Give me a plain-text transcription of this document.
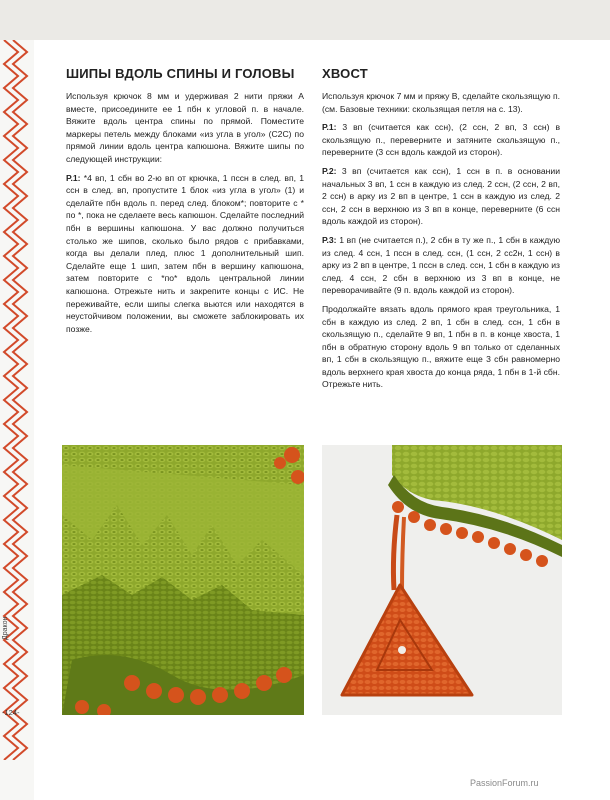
ШИПЫ ВДОЛЬ СПИНЫ И ГОЛОВЫ

Используя крючок 8 мм и удерживая 2 нити пряжи А вместе, присоедините ее 1 пбн к угловой п. в начале. Вяжите вдоль центра спины по прямой. Поместите маркеры петель между блоками «из угла в угол» (С2С) по прямой линии вдоль центра капюшона. Вяжите шипы по следующей инструкции:

Р.1: *4 вп, 1 сбн во 2-ю вп от крючка, 1 пссн в след. вп, 1 ссн в след. вп, пропустите 1 блок «из угла в угол» (1) и сделайте пбн вдоль п. перед след. блоком*; повторите с * по *, пока не сделаете весь капюшон. Сделайте последний пбн в вершины капюшона. У вас должно получиться столько же шипов, сколько было рядов с прибавками, когда вы делали плед, плюс 1 дополнительный шип. Сделайте еще 1 шип, затем пбн в вершину капюшона, затем повторите с *по* вдоль центральной линии капюшона. Отрежьте нить и закрепите концы с ИС. Не переживайте, если шипы слегка вьются или находятся в неустойчивом положении, вы сможете заблокировать их позже.

ХВОСТ

Используя крючок 7 мм и пряжу В, сделайте скользящую п. (см. Базовые техники: скользящая петля на с. 13).

Р.1: 3 вп (считается как ссн), (2 ссн, 2 вп, 3 ссн) в скользящую п., переверните и затяните скользящую п., переверните (3 ссн вдоль каждой из сторон).

Р.2: 3 вп (считается как ссн), 1 ссн в п. в основании начальных 3 вп, 1 ссн в каждую из след. 2 ссн, (2 ссн, 2 вп, 2 ссн) в арку из 2 вп в центре, 1 ссн в каждую из след. 2 ссн, 2 ссн в верхнюю из 3 вп в конце, переверните (6 ссн вдоль каждой из сторон).

Р.3: 1 вп (не считается п.), 2 сбн в ту же п., 1 сбн в каждую из след. 4 ссн, 1 пссн в след. ссн, (1 ссн, 2 сс2н, 1 ссн) в арку из 2 вп в центре, 1 пссн в след. ссн, 1 сбн в каждую из след. 4 ссн, 2 сбн в верхнюю из 3 вп в конце, не переворачивайте (9 п. вдоль каждой из сторон).

Продолжайте вязать вдоль прямого края треугольника, 1 сбн в каждую из след. 2 вп, 1 сбн в след. ссн, 1 сбн в скользящую п., сделайте 9 вп, 1 пбн в п. в конце хвоста, 1 пбн в обратную сторону вдоль 9 вп только от сделанных вп, 1 сбн в скользящую п., вяжите еще 3 сбн равномерно вдоль верхнего края хвоста до конца ряда, 1 пбн в 1-й сбн. Отрежьте нить.

Дракон
-124-
PassionForum.ru
